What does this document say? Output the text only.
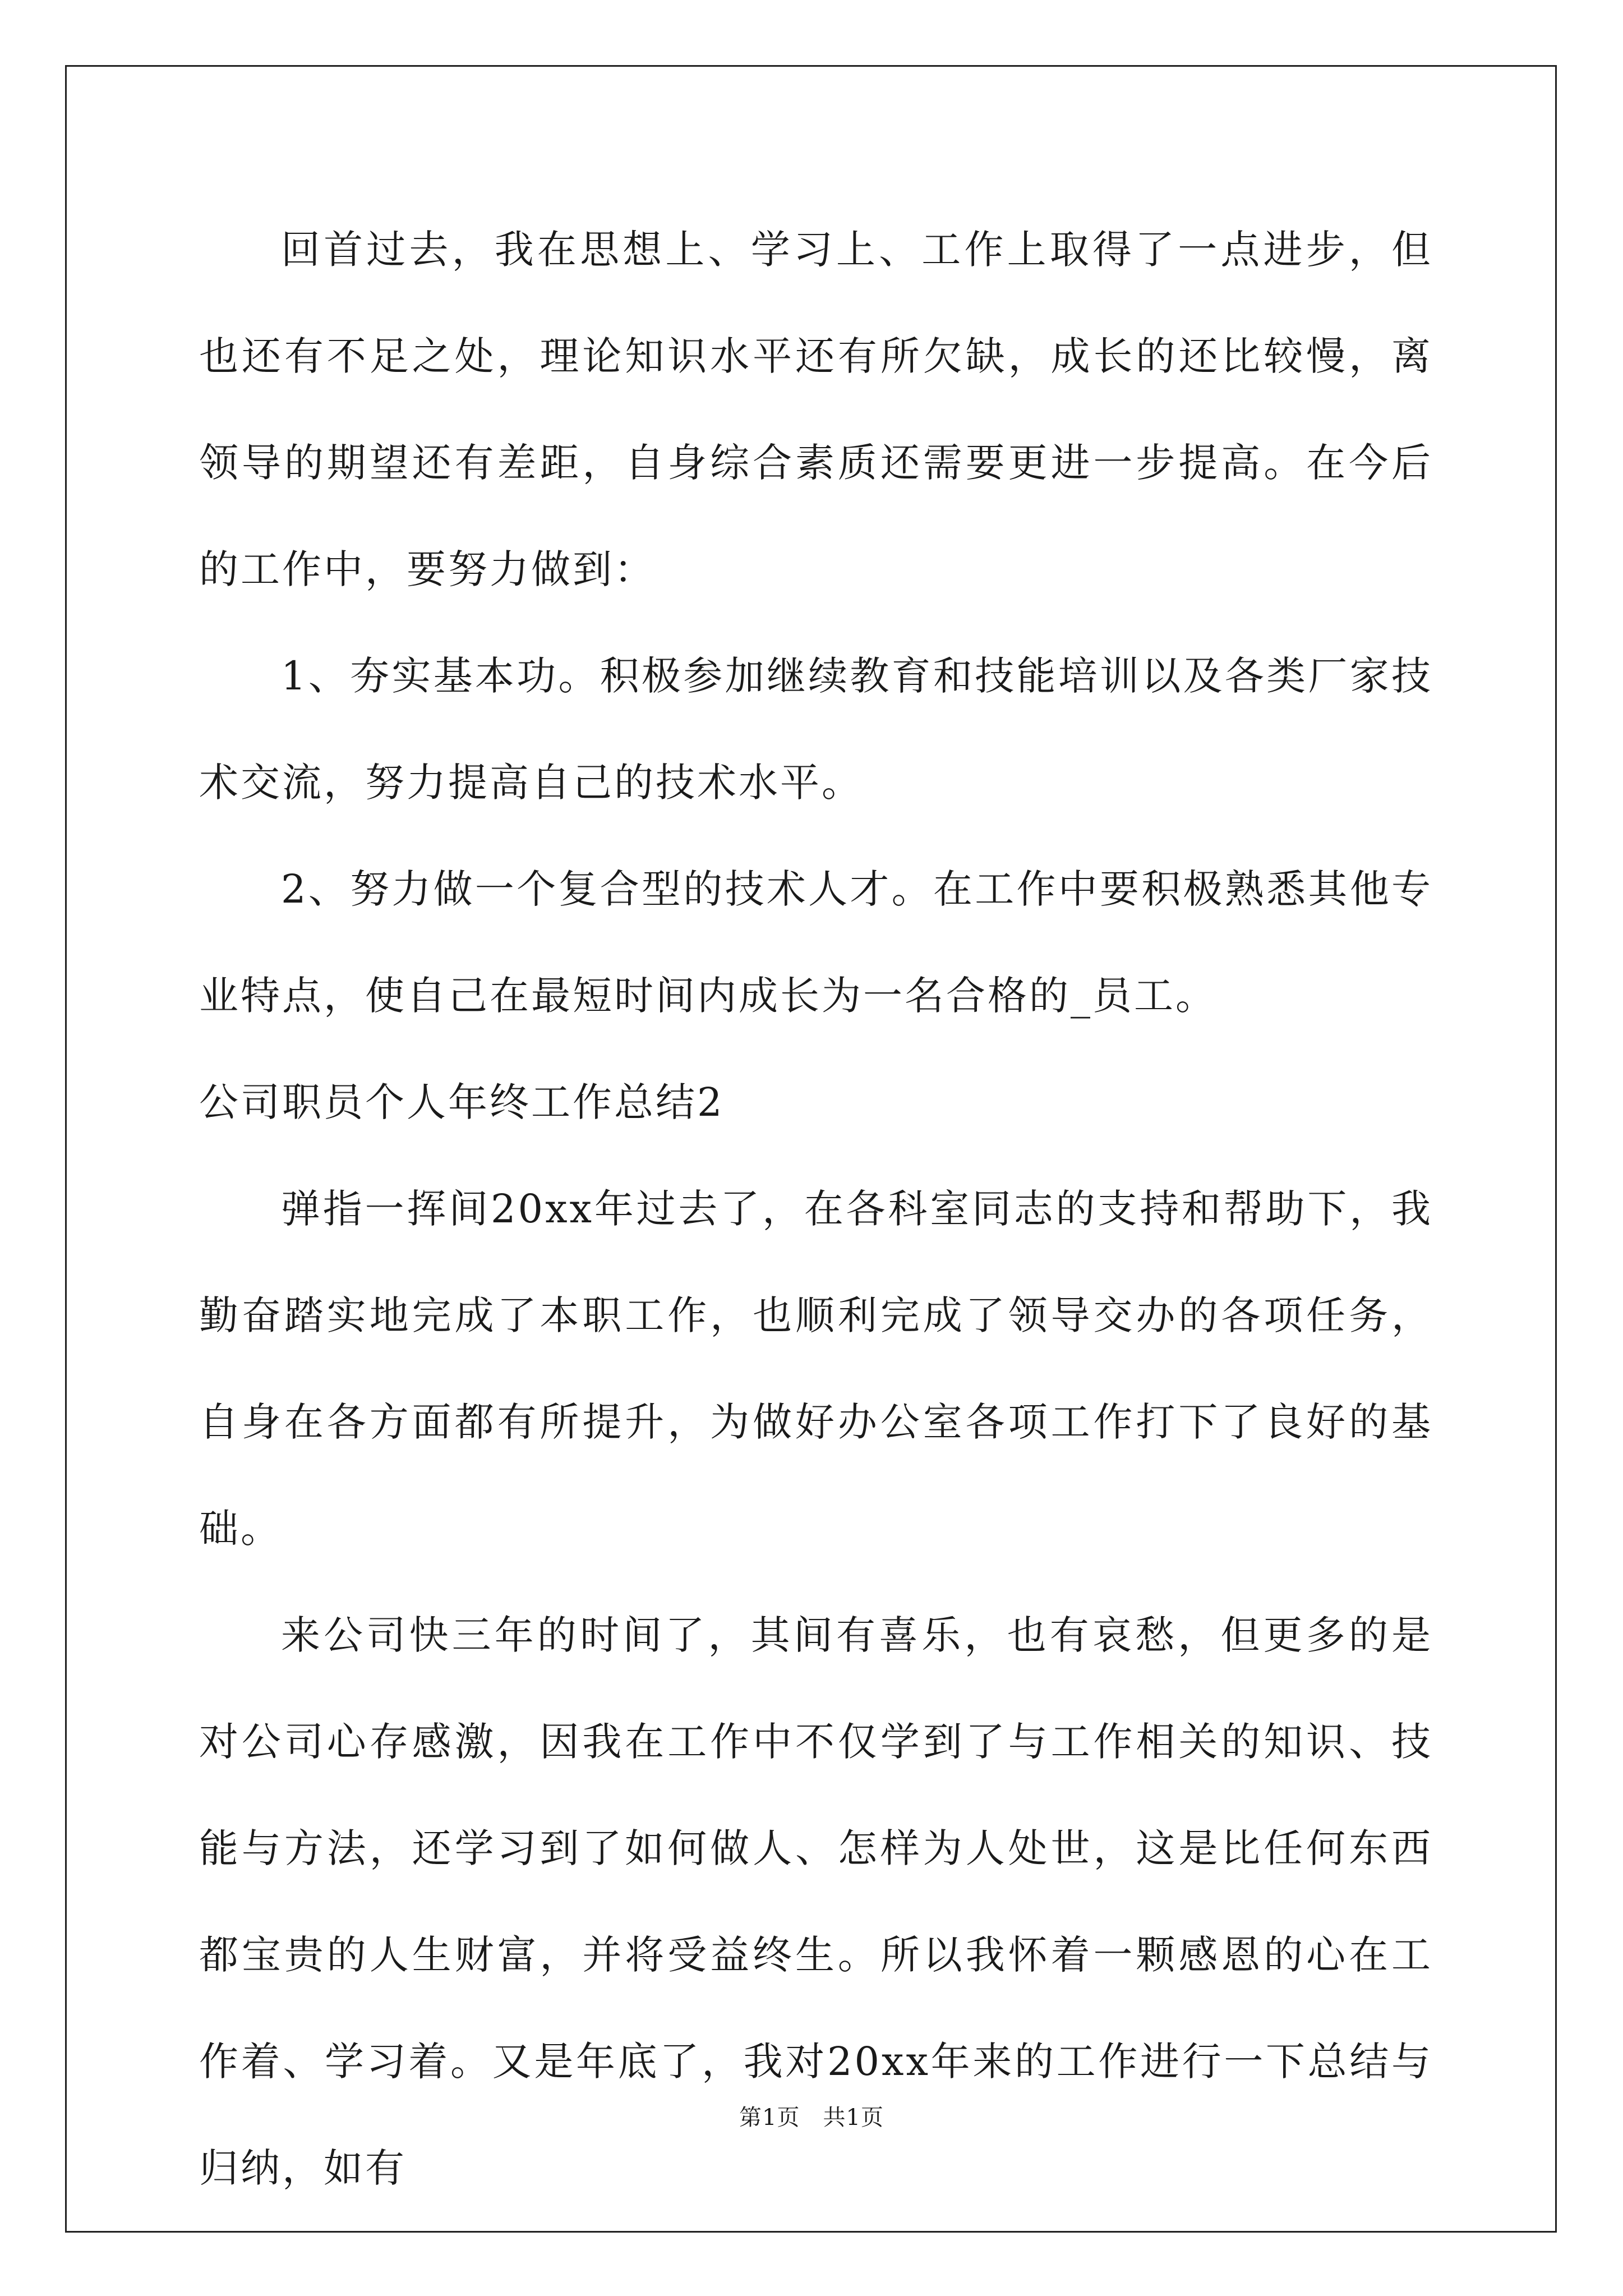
回首过去，我在思想上、学习上、工作上取得了一点进步，但也还有不足之处，理论知识水平还有所欠缺，成长的还比较慢，离领导的期望还有差距，自身综合素质还需要更进一步提高。在今后的工作中，要努力做到：

1、夯实基本功。积极参加继续教育和技能培训以及各类厂家技术交流，努力提高自己的技术水平。

2、努力做一个复合型的技术人才。在工作中要积极熟悉其他专业特点，使自己在最短时间内成长为一名合格的_员工。

公司职员个人年终工作总结2

弹指一挥间20xx年过去了，在各科室同志的支持和帮助下，我勤奋踏实地完成了本职工作，也顺利完成了领导交办的各项任务，自身在各方面都有所提升，为做好办公室各项工作打下了良好的基础。

来公司快三年的时间了，其间有喜乐，也有哀愁，但更多的是对公司心存感激，因我在工作中不仅学到了与工作相关的知识、技能与方法，还学习到了如何做人、怎样为人处世，这是比任何东西都宝贵的人生财富，并将受益终生。所以我怀着一颗感恩的心在工作着、学习着。又是年底了，我对20xx年来的工作进行一下总结与归纳，如有

第1页　共1页
